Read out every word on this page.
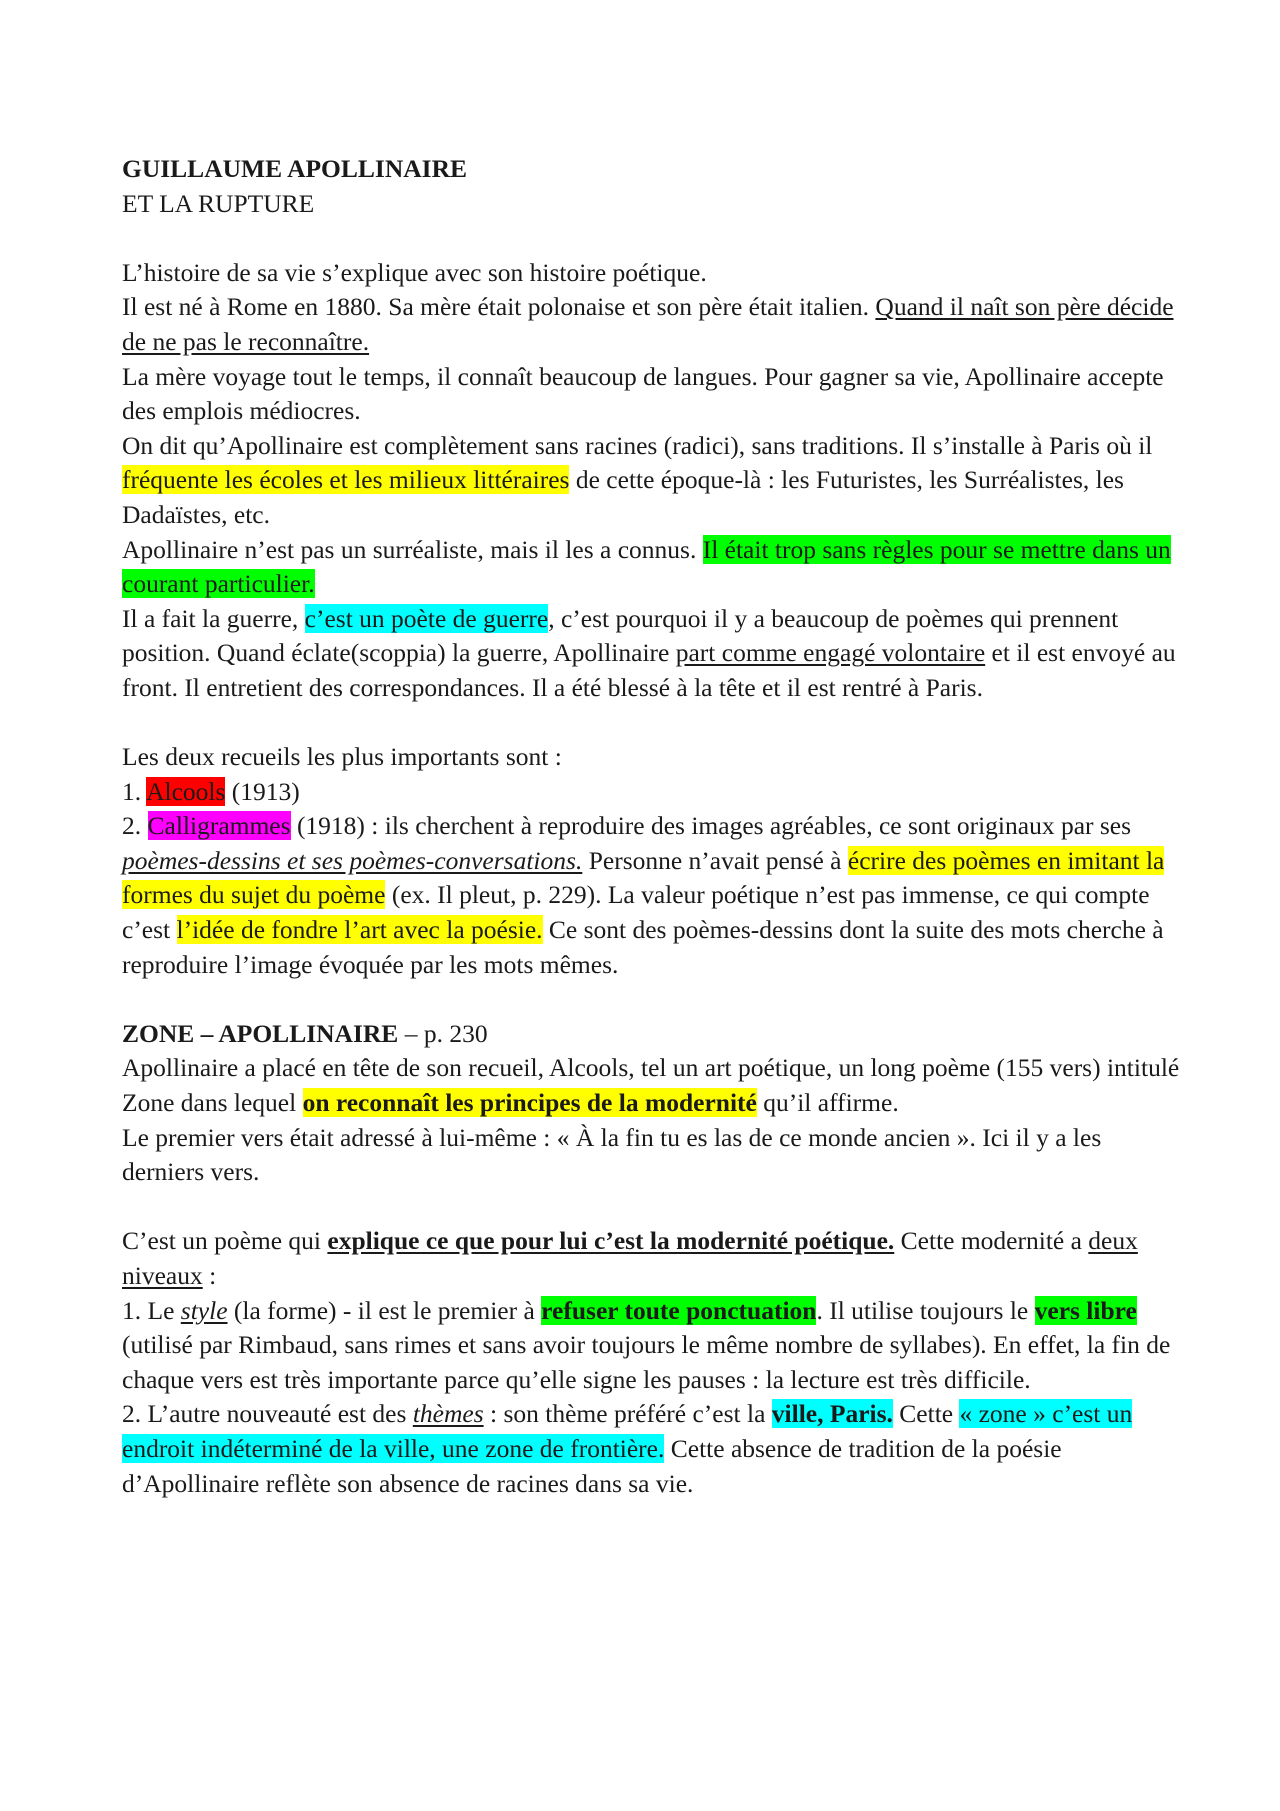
GUILLAUME APOLLINAIRE

ET LA RUPTURE

L’histoire de sa vie s’explique avec son histoire poétique.

Il est né à Rome en 1880. Sa mère était polonaise et son père était italien. Quand il naît son père décide de ne pas le reconnaître.

La mère voyage tout le temps, il connaît beaucoup de langues. Pour gagner sa vie, Apollinaire accepte des emplois médiocres.

On dit qu’Apollinaire est complètement sans racines (radici), sans traditions. Il s’installe à Paris où il fréquente les écoles et les milieux littéraires de cette époque-là : les Futuristes, les Surréalistes, les Dadaïstes, etc.

Apollinaire n’est pas un surréaliste, mais il les a connus. Il était trop sans règles pour se mettre dans un courant particulier.

Il a fait la guerre, c’est un poète de guerre, c’est pourquoi il y a beaucoup de poèmes qui prennent position. Quand éclate(scoppia) la guerre, Apollinaire part comme engagé volontaire et il est envoyé au front. Il entretient des correspondances. Il a été blessé à la tête et il est rentré à Paris.

Les deux recueils les plus importants sont :

1. Alcools (1913)

2. Calligrammes (1918) : ils cherchent à reproduire des images agréables, ce sont originaux par ses poèmes-dessins et ses poèmes-conversations. Personne n’avait pensé à écrire des poèmes en imitant la formes du sujet du poème (ex. Il pleut, p. 229). La valeur poétique n’est pas immense, ce qui compte c’est l’idée de fondre l’art avec la poésie. Ce sont des poèmes-dessins dont la suite des mots cherche à reproduire l’image évoquée par les mots mêmes.

ZONE – APOLLINAIRE – p. 230

Apollinaire a placé en tête de son recueil, Alcools, tel un art poétique, un long poème (155 vers) intitulé Zone dans lequel on reconnaît les principes de la modernité qu’il affirme.

Le premier vers était adressé à lui-même : « À la fin tu es las de ce monde ancien ». Ici il y a les derniers vers.

C’est un poème qui explique ce que pour lui c’est la modernité poétique. Cette modernité a deux niveaux :

1. Le style (la forme) - il est le premier à refuser toute ponctuation. Il utilise toujours le vers libre (utilisé par Rimbaud, sans rimes et sans avoir toujours le même nombre de syllabes). En effet, la fin de chaque vers est très importante parce qu’elle signe les pauses : la lecture est très difficile.

2. L’autre nouveauté est des thèmes : son thème préféré c’est la ville, Paris. Cette « zone » c’est un endroit indéterminé de la ville, une zone de frontière. Cette absence de tradition de la poésie d’Apollinaire reflète son absence de racines dans sa vie.
